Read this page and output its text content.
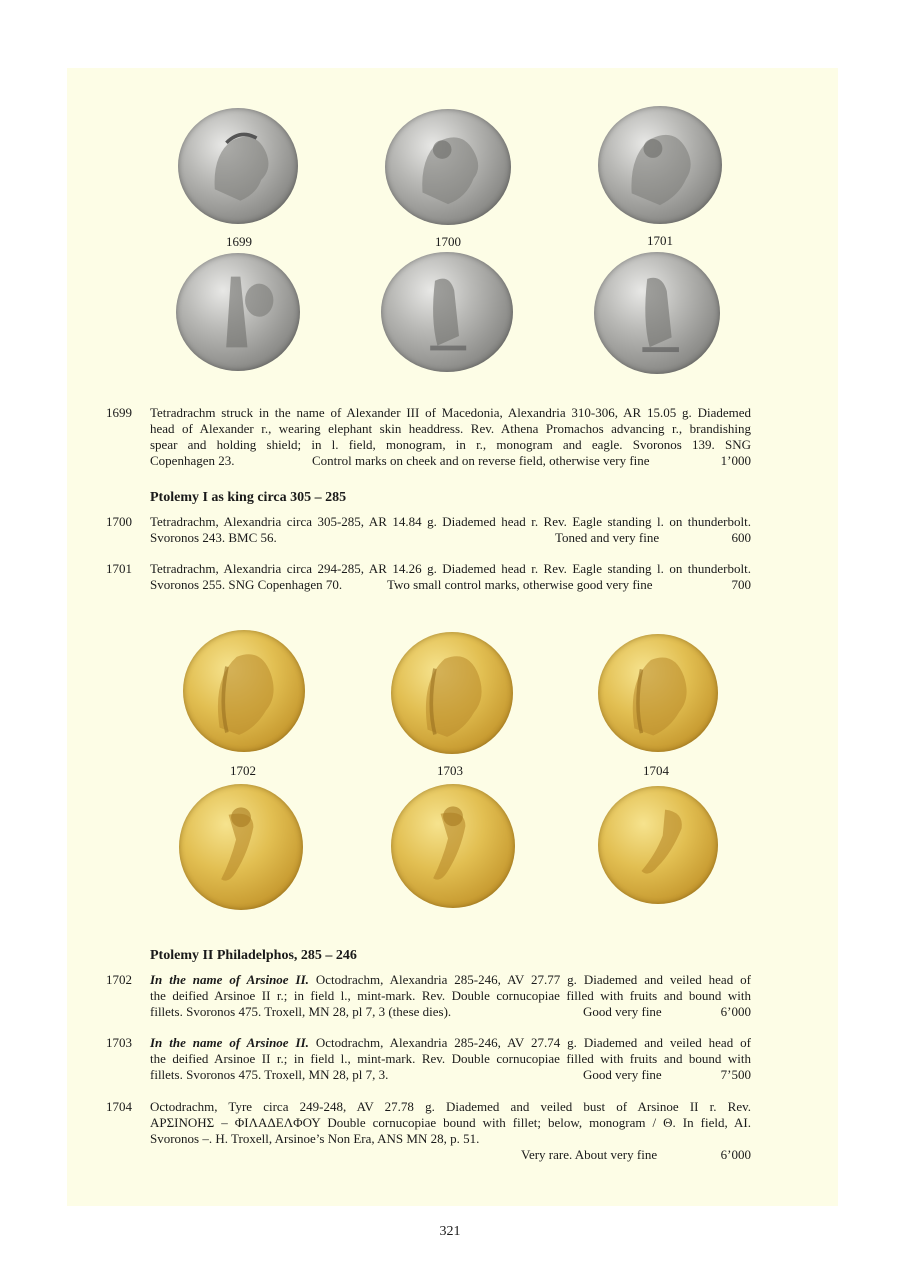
1699	1700	1701
1699	Tetradrachm struck in the name of Alexander III of Macedonia, Alexandria 310-306, AR 15.05 g. Diademed
head of Alexander r., wearing elephant skin headdress. Rev. Athena Promachos advancing r., brandishing
spear and holding shield; in l. field, monogram, in r., monogram and eagle. Svoronos 139. SNG
Copenhagen 23.	Control marks on cheek and on reverse field, otherwise very fine	1’000
Ptolemy I as king circa 305 – 285
1700	Tetradrachm, Alexandria circa 305-285, AR 14.84 g. Diademed head r. Rev. Eagle standing l. on thunderbolt.
Svoronos 243. BMC 56.	Toned and very fine	600
1701	Tetradrachm, Alexandria circa 294-285, AR 14.26 g. Diademed head r. Rev. Eagle standing l. on thunderbolt.
Svoronos 255. SNG Copenhagen 70.	Two small control marks, otherwise good very fine	700
1702	1703	1704
Ptolemy II Philadelphos, 285 – 246
1702	In the name of Arsinoe II. Octodrachm, Alexandria 285-246, AV 27.77 g. Diademed and veiled head of
the deified Arsinoe II r.; in field l., mint-mark. Rev. Double cornucopiae filled with fruits and bound with
fillets. Svoronos 475. Troxell, MN 28, pl 7, 3 (these dies).	Good very fine	6’000
1703	In the name of Arsinoe II. Octodrachm, Alexandria 285-246, AV 27.74 g. Diademed and veiled head of
the deified Arsinoe II r.; in field l., mint-mark. Rev. Double cornucopiae filled with fruits and bound with
fillets. Svoronos 475. Troxell, MN 28, pl 7, 3.	Good very fine	7’500
1704	Octodrachm, Tyre circa 249-248, AV 27.78 g. Diademed and veiled bust of Arsinoe II r. Rev.
ΑΡΣΙΝΟΗΣ – ΦΙΛΑΔΕΛΦΟΥ Double cornucopiae bound with fillet; below, monogram / Θ. In field, AI.
Svoronos –. H. Troxell, Arsinoe’s Non Era, ANS MN 28, p. 51.
Very rare. About very fine	6’000
321
